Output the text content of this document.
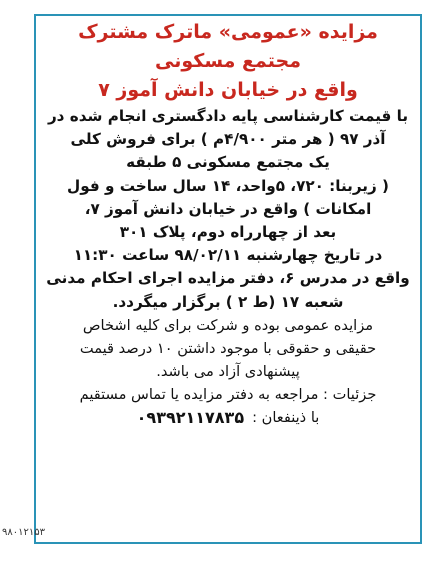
مزایده «عمومی» ماترک مشترک

مجتمع مسکونی

واقع در خیابان دانش آموز ۷

با قیمت کارشناسی پایه دادگستری انجام شده در

آذر ۹۷ ( هر متر ۴/۹۰۰م ) برای فروش کلی

یک مجتمع مسکونی ۵ طبقه

( زیربنا: ۷۲۰، ۵واحد، ۱۴ سال ساخت و فول

امکانات ) واقع در خیابان دانش آموز ۷،

بعد از چهارراه دوم، پلاک ۳۰۱

در تاریخ چهارشنبه ۹۸/۰۲/۱۱ ساعت ۱۱:۳۰

واقع در مدرس ۶، دفتر مزایده اجرای احکام مدنی

شعبه ۱۷ (ط ۲ ) برگزار میگردد.

مزایده عمومی بوده و شرکت برای کلیه اشخاص

حقیقی و حقوقی با موجود داشتن ۱۰ درصد قیمت

پیشنهادی آزاد می باشد.

جزئیات : مراجعه به دفتر مزایده یا تماس مستقیم

با ذینفعان :
۰۹۳۹۲۱۱۷۸۳۵
۹۸۰۱۲۱۵۳
